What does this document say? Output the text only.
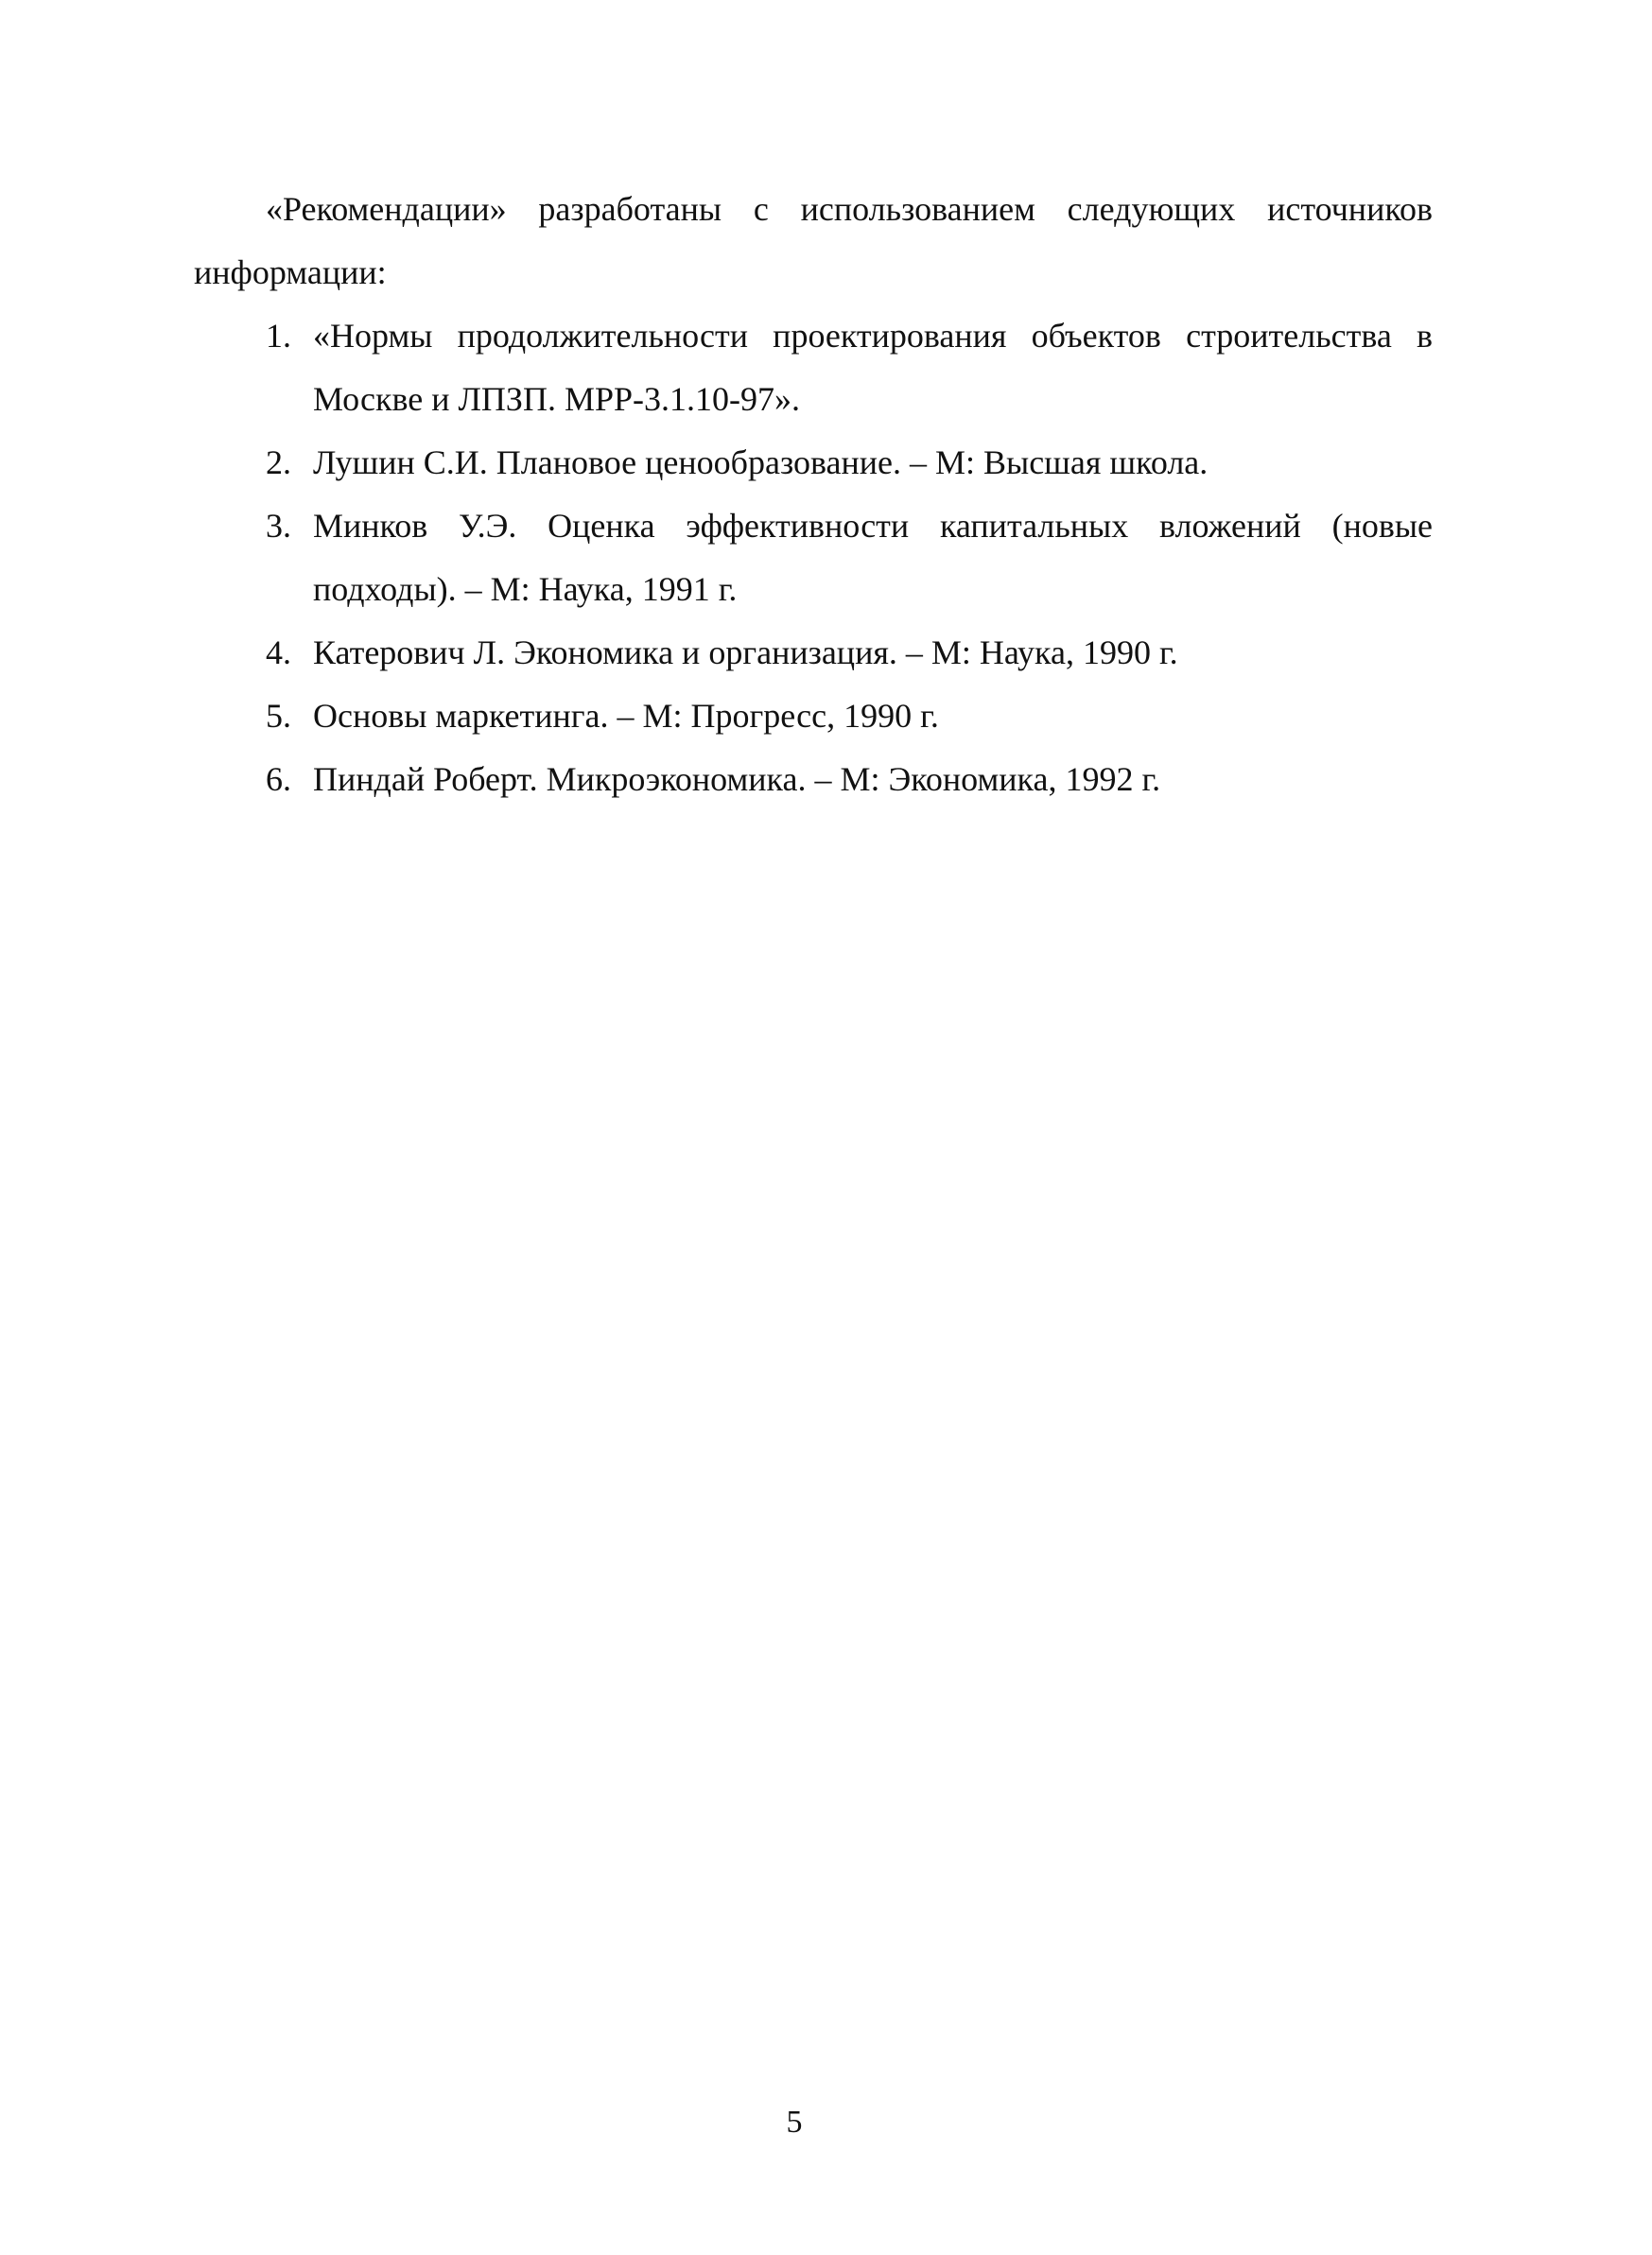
«Рекомендации» разработаны с использованием следующих источников информации:

1. «Нормы продолжительности проектирования объектов строительства в Москве и ЛПЗП. МРР-3.1.10-97».
2. Лушин С.И. Плановое ценообразование. – М: Высшая школа.
3. Минков У.Э. Оценка эффективности капитальных вложений (новые подходы). – М: Наука, 1991 г.
4. Катерович Л. Экономика и организация. – М: Наука, 1990 г.
5. Основы маркетинга. – М: Прогресс, 1990 г.
6. Пиндай Роберт. Микроэкономика. – М: Экономика, 1992 г.
5
